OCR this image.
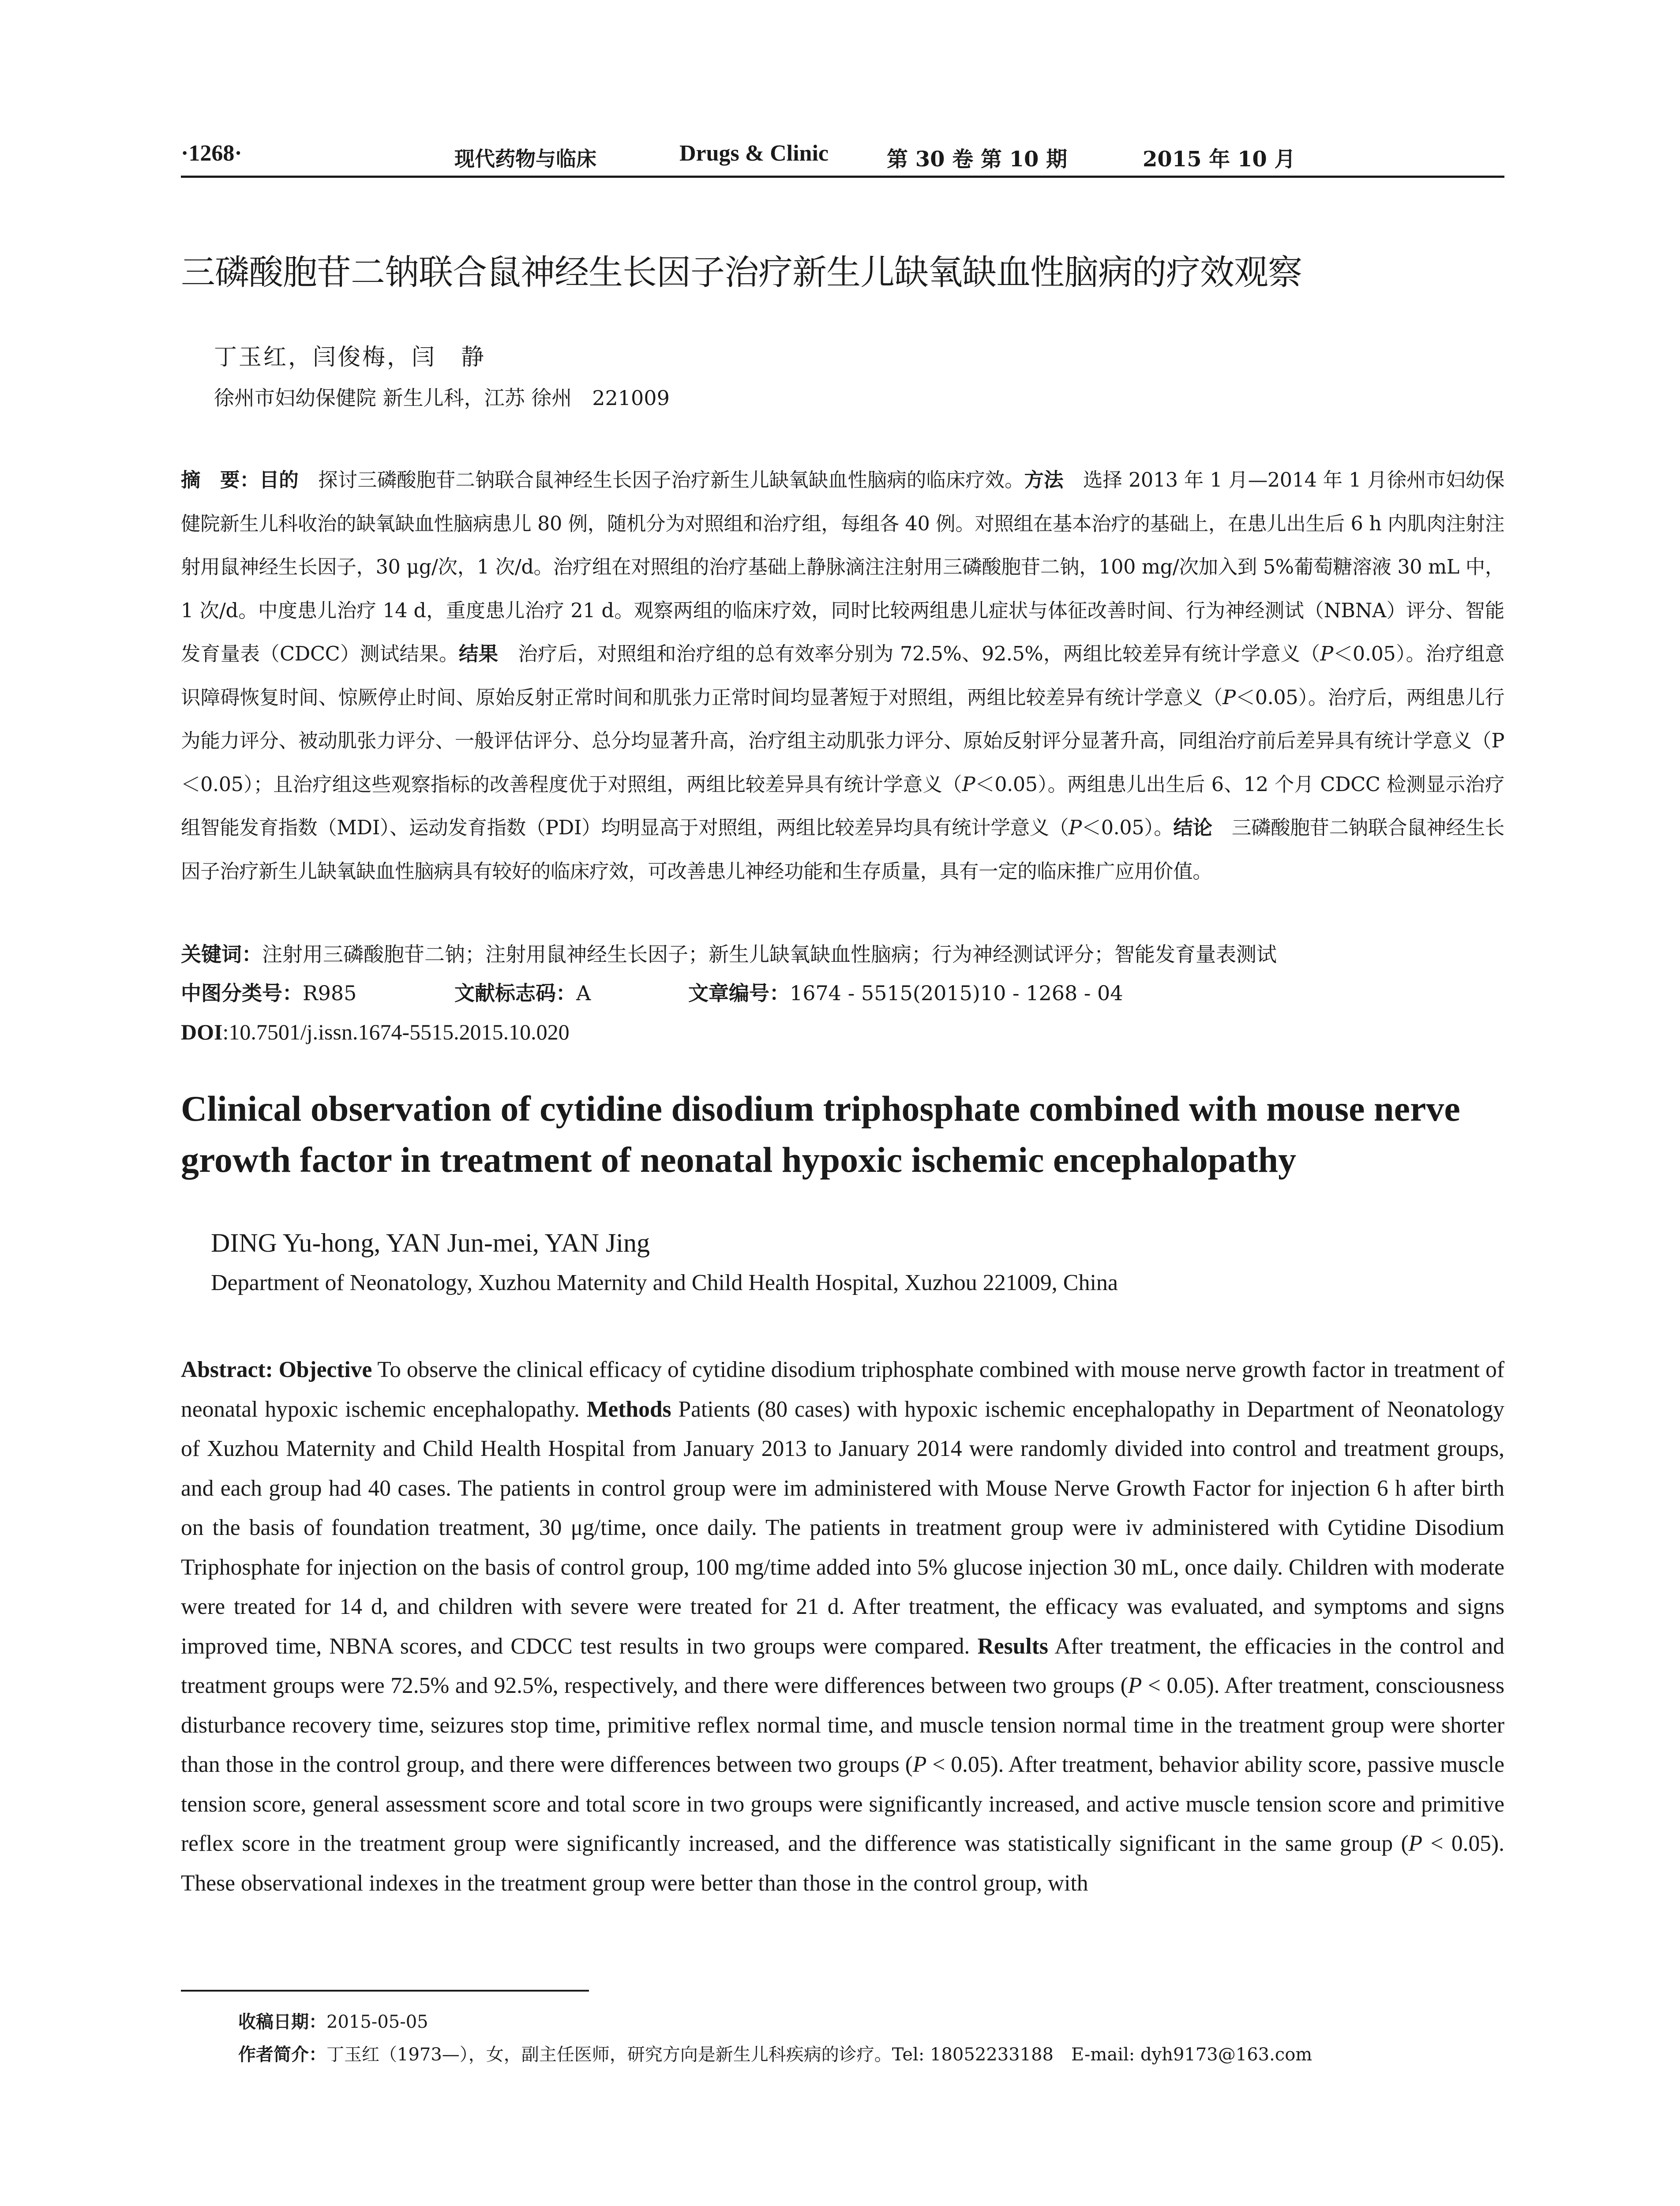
·1268·	现代药物与临床	Drugs & Clinic	第 30 卷 第 10 期	2015 年 10 月
三磷酸胞苷二钠联合鼠神经生长因子治疗新生儿缺氧缺血性脑病的疗效观察
丁玉红，闫俊梅，闫　静
徐州市妇幼保健院 新生儿科，江苏 徐州　221009
摘　要：目的　探讨三磷酸胞苷二钠联合鼠神经生长因子治疗新生儿缺氧缺血性脑病的临床疗效。方法　选择 2013 年 1 月—2014 年 1 月徐州市妇幼保健院新生儿科收治的缺氧缺血性脑病患儿 80 例，随机分为对照组和治疗组，每组各 40 例。对照组在基本治疗的基础上，在患儿出生后 6 h 内肌肉注射注射用鼠神经生长因子，30 μg/次，1 次/d。治疗组在对照组的治疗基础上静脉滴注注射用三磷酸胞苷二钠，100 mg/次加入到 5%葡萄糖溶液 30 mL 中，1 次/d。中度患儿治疗 14 d，重度患儿治疗 21 d。观察两组的临床疗效，同时比较两组患儿症状与体征改善时间、行为神经测试（NBNA）评分、智能发育量表（CDCC）测试结果。结果　治疗后，对照组和治疗组的总有效率分别为 72.5%、92.5%，两组比较差异有统计学意义（P＜0.05）。治疗组意识障碍恢复时间、惊厥停止时间、原始反射正常时间和肌张力正常时间均显著短于对照组，两组比较差异有统计学意义（P＜0.05）。治疗后，两组患儿行为能力评分、被动肌张力评分、一般评估评分、总分均显著升高，治疗组主动肌张力评分、原始反射评分显著升高，同组治疗前后差异具有统计学意义（P＜0.05）；且治疗组这些观察指标的改善程度优于对照组，两组比较差异具有统计学意义（P＜0.05）。两组患儿出生后 6、12 个月 CDCC 检测显示治疗组智能发育指数（MDI）、运动发育指数（PDI）均明显高于对照组，两组比较差异均具有统计学意义（P＜0.05）。结论　三磷酸胞苷二钠联合鼠神经生长因子治疗新生儿缺氧缺血性脑病具有较好的临床疗效，可改善患儿神经功能和生存质量，具有一定的临床推广应用价值。
关键词：注射用三磷酸胞苷二钠；注射用鼠神经生长因子；新生儿缺氧缺血性脑病；行为神经测试评分；智能发育量表测试
中图分类号：R985	文献标志码：A	文章编号：1674 - 5515(2015)10 - 1268 - 04
DOI:10.7501/j.issn.1674-5515.2015.10.020
Clinical observation of cytidine disodium triphosphate combined with mouse nerve growth factor in treatment of neonatal hypoxic ischemic encephalopathy
DING Yu-hong, YAN Jun-mei, YAN Jing
Department of Neonatology, Xuzhou Maternity and Child Health Hospital, Xuzhou 221009, China
Abstract: Objective To observe the clinical efficacy of cytidine disodium triphosphate combined with mouse nerve growth factor in treatment of neonatal hypoxic ischemic encephalopathy. Methods Patients (80 cases) with hypoxic ischemic encephalopathy in Department of Neonatology of Xuzhou Maternity and Child Health Hospital from January 2013 to January 2014 were randomly divided into control and treatment groups, and each group had 40 cases. The patients in control group were im administered with Mouse Nerve Growth Factor for injection 6 h after birth on the basis of foundation treatment, 30 μg/time, once daily. The patients in treatment group were iv administered with Cytidine Disodium Triphosphate for injection on the basis of control group, 100 mg/time added into 5% glucose injection 30 mL, once daily. Children with moderate were treated for 14 d, and children with severe were treated for 21 d. After treatment, the efficacy was evaluated, and symptoms and signs improved time, NBNA scores, and CDCC test results in two groups were compared. Results After treatment, the efficacies in the control and treatment groups were 72.5% and 92.5%, respectively, and there were differences between two groups (P < 0.05). After treatment, consciousness disturbance recovery time, seizures stop time, primitive reflex normal time, and muscle tension normal time in the treatment group were shorter than those in the control group, and there were differences between two groups (P < 0.05). After treatment, behavior ability score, passive muscle tension score, general assessment score and total score in two groups were significantly increased, and active muscle tension score and primitive reflex score in the treatment group were significantly increased, and the difference was statistically significant in the same group (P < 0.05). These observational indexes in the treatment group were better than those in the control group, with
收稿日期：2015-05-05
作者简介：丁玉红（1973—），女，副主任医师，研究方向是新生儿科疾病的诊疗。Tel: 18052233188　E-mail: dyh9173@163.com
